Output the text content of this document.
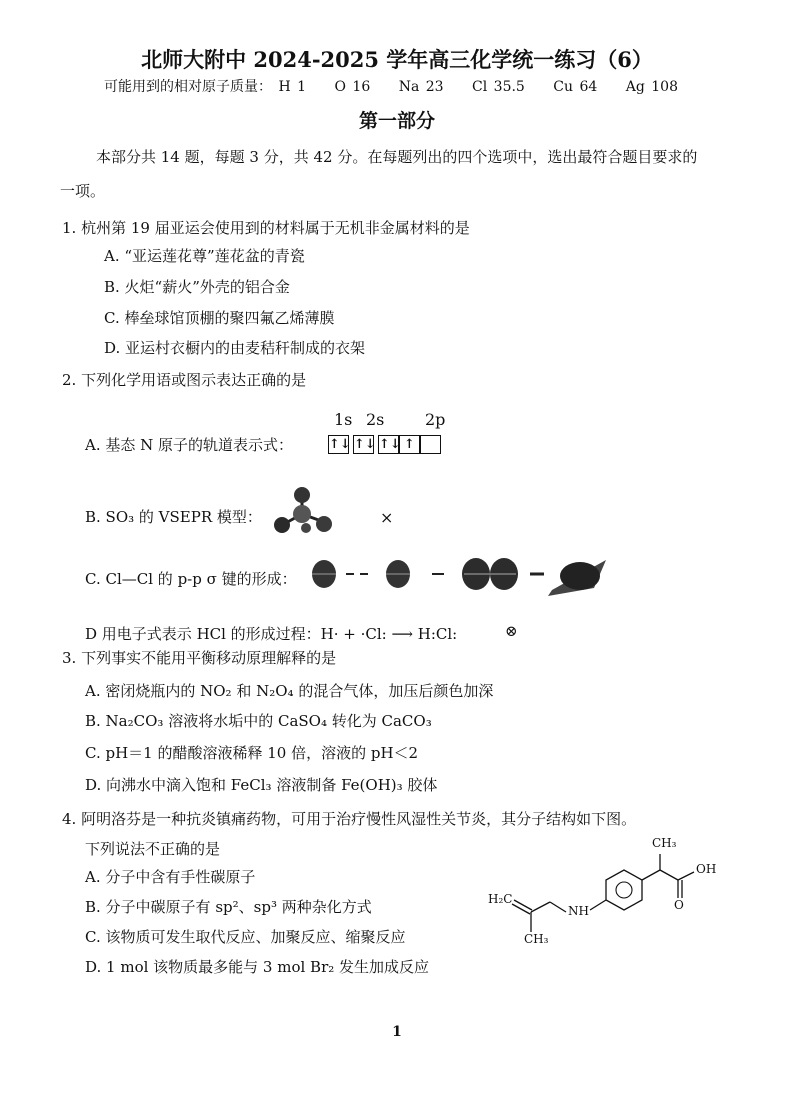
北师大附中 2024-2025 学年高三化学统一练习（6）
可能用到的相对原子质量： H 1 O 16 Na 23 Cl 35.5 Cu 64 Ag 108
第一部分
本部分共 14 题，每题 3 分，共 42 分。在每题列出的四个选项中，选出最符合题目要求的
一项。
1. 杭州第 19 届亚运会使用到的材料属于无机非金属材料的是
A. “亚运莲花尊”莲花盆的青瓷
B. 火炬“薪火”外壳的铝合金
C. 棒垒球馆顶棚的聚四氟乙烯薄膜
D. 亚运村衣橱内的由麦秸秆制成的衣架
2. 下列化学用语或图示表达正确的是
1s 2s	2p
A. 基态 N 原子的轨道表示式：	↑↓ ↑↓ ↑↓ ↑
B. SO₃ 的 VSEPR 模型：	×
C. Cl—Cl 的 p-p σ 键的形成：
D 用电子式表示 HCl 的形成过程：H· + ·Cl: ⟶ H:Cl:	⊗
3. 下列事实不能用平衡移动原理解释的是
A. 密闭烧瓶内的 NO₂ 和 N₂O₄ 的混合气体，加压后颜色加深
B. Na₂CO₃ 溶液将水垢中的 CaSO₄ 转化为 CaCO₃
C. pH＝1 的醋酸溶液稀释 10 倍，溶液的 pH＜2
D. 向沸水中滴入饱和 FeCl₃ 溶液制备 Fe(OH)₃ 胶体
4. 阿明洛芬是一种抗炎镇痛药物，可用于治疗慢性风湿性关节炎，其分子结构如下图。
下列说法不正确的是
A. 分子中含有手性碳原子
B. 分子中碳原子有 sp²、sp³ 两种杂化方式
C. 该物质可发生取代反应、加聚反应、缩聚反应
D. 1 mol 该物质最多能与 3 mol Br₂ 发生加成反应
CH₃
OH
O
H₂C
NH
CH₃
1
